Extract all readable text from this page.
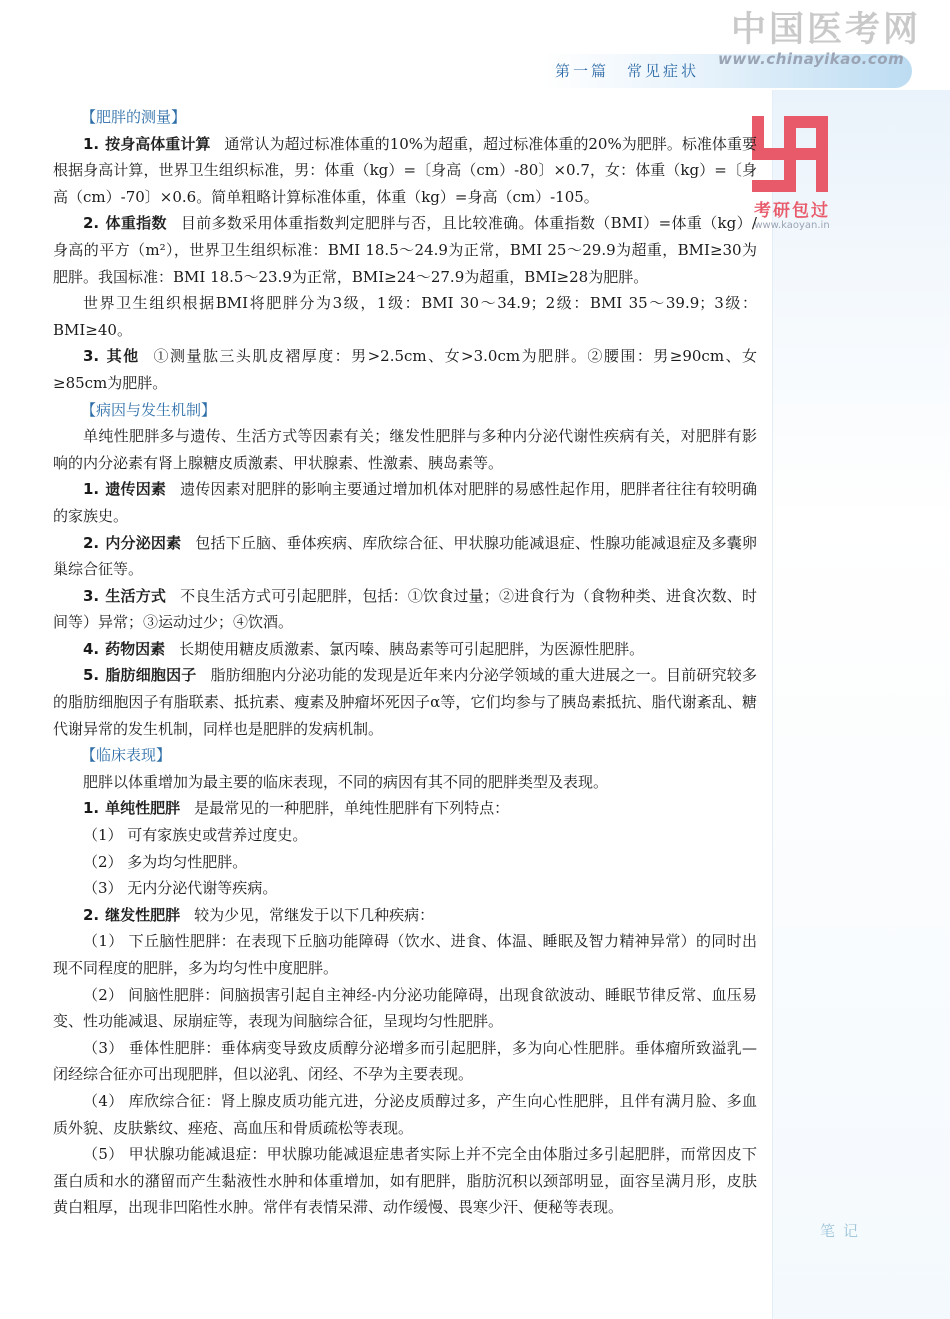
第一篇　常见症状
中国医考网
www.chinayikao.com
考研包过
www.kaoyan.in
【肥胖的测量】

1. 按身高体重计算 通常认为超过标准体重的10%为超重，超过标准体重的20%为肥胖。标准体重要根据身高计算，世界卫生组织标准，男：体重（kg）=〔身高（cm）-80〕×0.7，女：体重（kg）=〔身高（cm）-70〕×0.6。简单粗略计算标准体重，体重（kg）=身高（cm）-105。

2. 体重指数 目前多数采用体重指数判定肥胖与否，且比较准确。体重指数（BMI）=体重（kg）/身高的平方（m²），世界卫生组织标准：BMI 18.5～24.9为正常，BMI 25～29.9为超重，BMI≥30为肥胖。我国标准：BMI 18.5～23.9为正常，BMI≥24～27.9为超重，BMI≥28为肥胖。

世界卫生组织根据BMI将肥胖分为3级，1级：BMI 30～34.9；2级：BMI 35～39.9；3级：BMI≥40。

3. 其他 ①测量肱三头肌皮褶厚度：男>2.5cm、女>3.0cm为肥胖。②腰围：男≥90cm、女≥85cm为肥胖。

【病因与发生机制】

单纯性肥胖多与遗传、生活方式等因素有关；继发性肥胖与多种内分泌代谢性疾病有关，对肥胖有影响的内分泌素有肾上腺糖皮质激素、甲状腺素、性激素、胰岛素等。

1. 遗传因素 遗传因素对肥胖的影响主要通过增加机体对肥胖的易感性起作用，肥胖者往往有较明确的家族史。

2. 内分泌因素 包括下丘脑、垂体疾病、库欣综合征、甲状腺功能减退症、性腺功能减退症及多囊卵巢综合征等。

3. 生活方式 不良生活方式可引起肥胖，包括：①饮食过量；②进食行为（食物种类、进食次数、时间等）异常；③运动过少；④饮酒。

4. 药物因素 长期使用糖皮质激素、氯丙嗪、胰岛素等可引起肥胖，为医源性肥胖。

5. 脂肪细胞因子 脂肪细胞内分泌功能的发现是近年来内分泌学领域的重大进展之一。目前研究较多的脂肪细胞因子有脂联素、抵抗素、瘦素及肿瘤坏死因子α等，它们均参与了胰岛素抵抗、脂代谢紊乱、糖代谢异常的发生机制，同样也是肥胖的发病机制。

【临床表现】

肥胖以体重增加为最主要的临床表现，不同的病因有其不同的肥胖类型及表现。

1. 单纯性肥胖 是最常见的一种肥胖，单纯性肥胖有下列特点：

（1） 可有家族史或营养过度史。

（2） 多为均匀性肥胖。

（3） 无内分泌代谢等疾病。

2. 继发性肥胖 较为少见，常继发于以下几种疾病：

（1） 下丘脑性肥胖：在表现下丘脑功能障碍（饮水、进食、体温、睡眠及智力精神异常）的同时出现不同程度的肥胖，多为均匀性中度肥胖。

（2） 间脑性肥胖：间脑损害引起自主神经-内分泌功能障碍，出现食欲波动、睡眠节律反常、血压易变、性功能减退、尿崩症等，表现为间脑综合征，呈现均匀性肥胖。

（3） 垂体性肥胖：垂体病变导致皮质醇分泌增多而引起肥胖，多为向心性肥胖。垂体瘤所致溢乳—闭经综合征亦可出现肥胖，但以泌乳、闭经、不孕为主要表现。

（4） 库欣综合征：肾上腺皮质功能亢进，分泌皮质醇过多，产生向心性肥胖，且伴有满月脸、多血质外貌、皮肤紫纹、痤疮、高血压和骨质疏松等表现。

（5） 甲状腺功能减退症：甲状腺功能减退症患者实际上并不完全由体脂过多引起肥胖，而常因皮下蛋白质和水的潴留而产生黏液性水肿和体重增加，如有肥胖，脂肪沉积以颈部明显，面容呈满月形，皮肤黄白粗厚，出现非凹陷性水肿。常伴有表情呆滞、动作缓慢、畏寒少汗、便秘等表现。

笔记
